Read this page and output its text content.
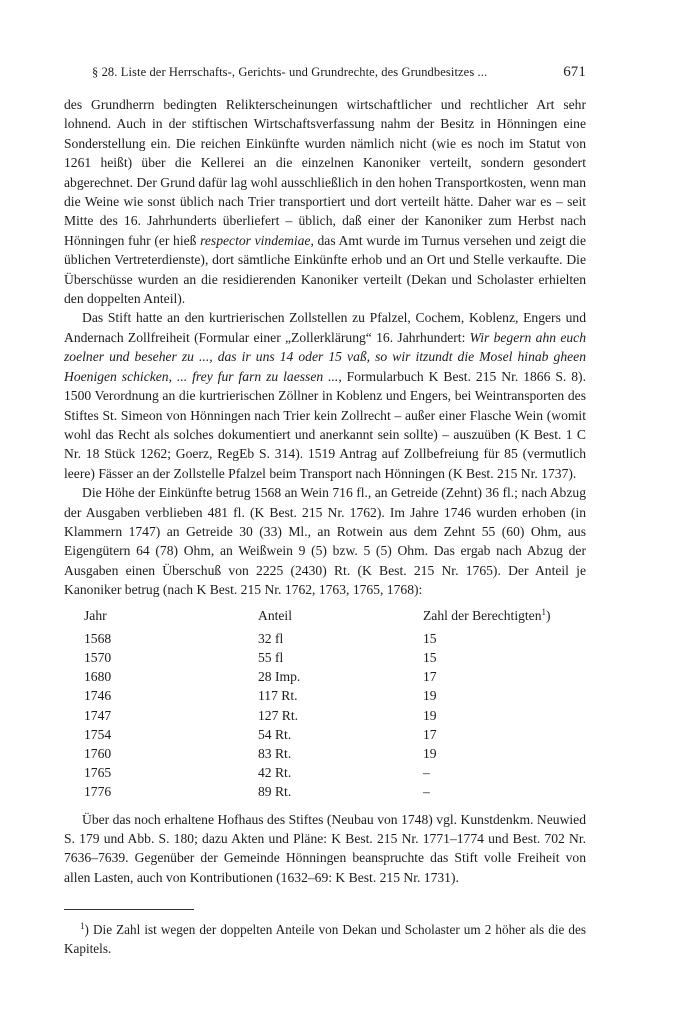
§ 28. Liste der Herrschafts-, Gerichts- und Grundrechte, des Grundbesitzes ...	671

des Grundherrn bedingten Relikterscheinungen wirtschaftlicher und rechtlicher Art sehr lohnend. Auch in der stiftischen Wirtschaftsverfassung nahm der Besitz in Hönningen eine Sonderstellung ein. Die reichen Einkünfte wurden nämlich nicht (wie es noch im Statut von 1261 heißt) über die Kellerei an die einzelnen Kanoniker verteilt, sondern gesondert abgerechnet. Der Grund dafür lag wohl ausschließlich in den hohen Transportkosten, wenn man die Weine wie sonst üblich nach Trier transportiert und dort verteilt hätte. Daher war es – seit Mitte des 16. Jahrhunderts überliefert – üblich, daß einer der Kanoniker zum Herbst nach Hönningen fuhr (er hieß respector vindemiae, das Amt wurde im Turnus versehen und zeigt die üblichen Vertreterdienste), dort sämtliche Einkünfte erhob und an Ort und Stelle verkaufte. Die Überschüsse wurden an die residierenden Kanoniker verteilt (Dekan und Scholaster erhielten den doppelten Anteil).

Das Stift hatte an den kurtrierischen Zollstellen zu Pfalzel, Cochem, Koblenz, Engers und Andernach Zollfreiheit (Formular einer „Zollerklärung“ 16. Jahrhundert: Wir begern ahn euch zoelner und beseher zu ..., das ir uns 14 oder 15 vaß, so wir itzundt die Mosel hinab gheen Hoenigen schicken, ... frey fur farn zu laessen ..., Formularbuch K Best. 215 Nr. 1866 S. 8). 1500 Verordnung an die kurtrierischen Zöllner in Koblenz und Engers, bei Weintransporten des Stiftes St. Simeon von Hönningen nach Trier kein Zollrecht – außer einer Flasche Wein (womit wohl das Recht als solches dokumentiert und anerkannt sein sollte) – auszuüben (K Best. 1 C Nr. 18 Stück 1262; Goerz, RegEb S. 314). 1519 Antrag auf Zollbefreiung für 85 (vermutlich leere) Fässer an der Zollstelle Pfalzel beim Transport nach Hönningen (K Best. 215 Nr. 1737).

Die Höhe der Einkünfte betrug 1568 an Wein 716 fl., an Getreide (Zehnt) 36 fl.; nach Abzug der Ausgaben verblieben 481 fl. (K Best. 215 Nr. 1762). Im Jahre 1746 wurden erhoben (in Klammern 1747) an Getreide 30 (33) Ml., an Rotwein aus dem Zehnt 55 (60) Ohm, aus Eigengütern 64 (78) Ohm, an Weißwein 9 (5) bzw. 5 (5) Ohm. Das ergab nach Abzug der Ausgaben einen Überschuß von 2225 (2430) Rt. (K Best. 215 Nr. 1765). Der Anteil je Kanoniker betrug (nach K Best. 215 Nr. 1762, 1763, 1765, 1768):

Jahr	Anteil	Zahl der Berechtigten$^1$)
1568	32 fl	15
1570	55 fl	15
1680	28 Imp.	17
1746	117 Rt.	19
1747	127 Rt.	19
1754	54 Rt.	17
1760	83 Rt.	19
1765	42 Rt.	–
1776	89 Rt.	–

Über das noch erhaltene Hofhaus des Stiftes (Neubau von 1748) vgl. Kunstdenkm. Neuwied S. 179 und Abb. S. 180; dazu Akten und Pläne: K Best. 215 Nr. 1771–1774 und Best. 702 Nr. 7636–7639. Gegenüber der Gemeinde Hönningen beanspruchte das Stift volle Freiheit von allen Lasten, auch von Kontributionen (1632–69: K Best. 215 Nr. 1731).

$^1$) Die Zahl ist wegen der doppelten Anteile von Dekan und Scholaster um 2 höher als die des Kapitels.
